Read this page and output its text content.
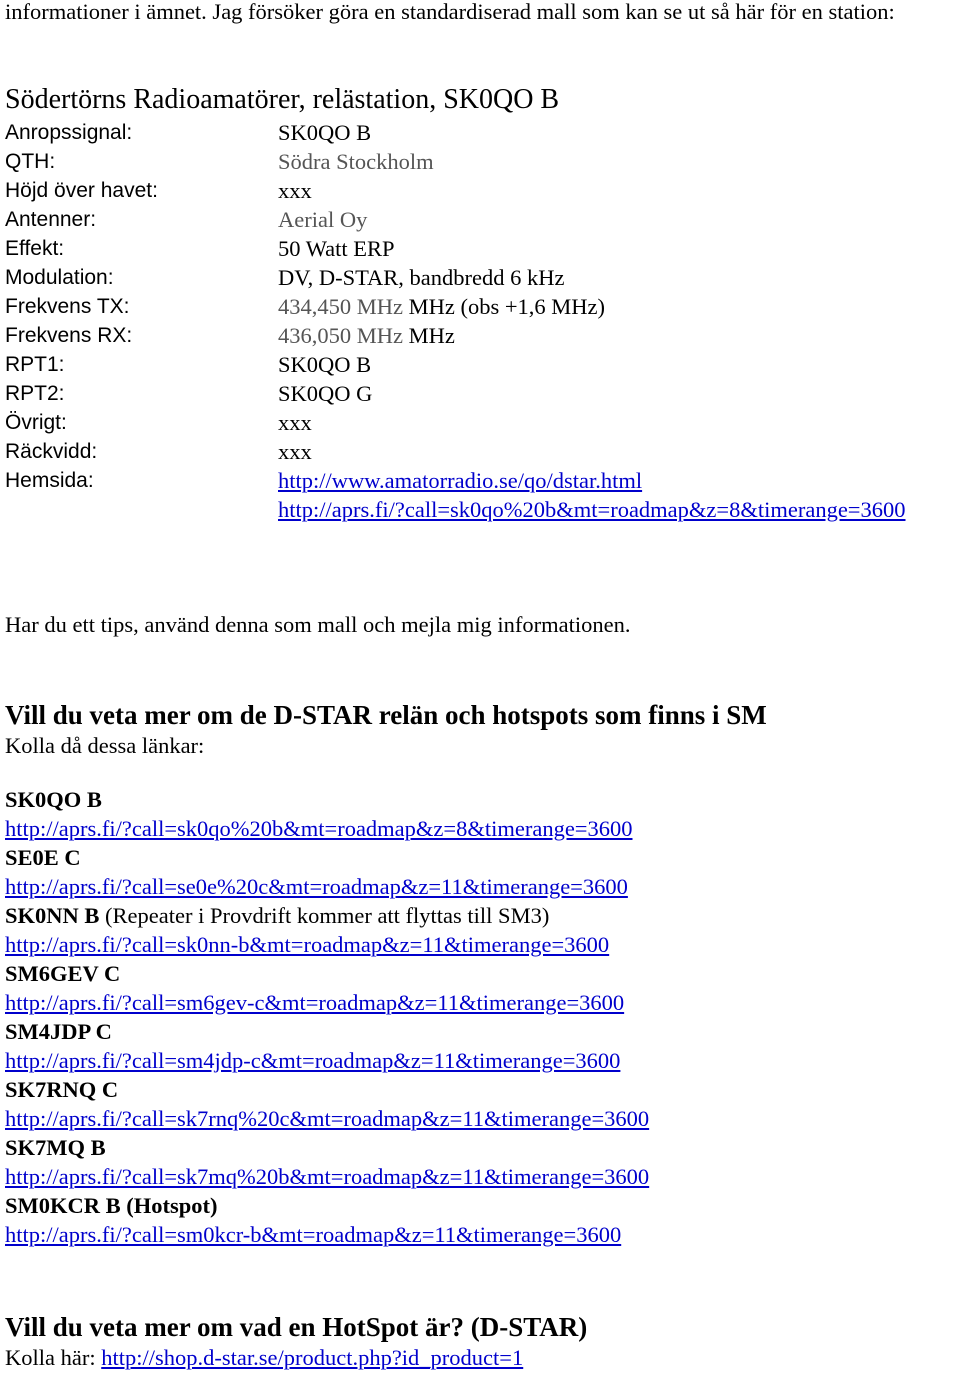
informationer i ämnet. Jag försöker göra en standardiserad mall som kan se ut så här för en station:

Södertörns Radioamatörer, relästation, SK0QO B
Anropssignal:	SK0QO B
QTH:	Södra Stockholm
Höjd över havet:	xxx
Antenner:	Aerial Oy
Effekt:	50 Watt ERP
Modulation:	DV, D-STAR, bandbredd 6 kHz
Frekvens TX:	434,450 MHz MHz (obs +1,6 MHz)
Frekvens RX:	436,050 MHz MHz
RPT1:	SK0QO B
RPT2:	SK0QO G
Övrigt:	xxx
Räckvidd:	xxx
Hemsida:	http://www.amatorradio.se/qo/dstar.html
http://aprs.fi/?call=sk0qo%20b&mt=roadmap&z=8&timerange=3600

Har du ett tips, använd denna som mall och mejla mig informationen.

Vill du veta mer om de D-STAR relän och hotspots som finns i SM

Kolla då dessa länkar:

SK0QO B
http://aprs.fi/?call=sk0qo%20b&mt=roadmap&z=8&timerange=3600
SE0E C
http://aprs.fi/?call=se0e%20c&mt=roadmap&z=11&timerange=3600
SK0NN B (Repeater i Provdrift kommer att flyttas till SM3)
http://aprs.fi/?call=sk0nn-b&mt=roadmap&z=11&timerange=3600
SM6GEV C
http://aprs.fi/?call=sm6gev-c&mt=roadmap&z=11&timerange=3600
SM4JDP C
http://aprs.fi/?call=sm4jdp-c&mt=roadmap&z=11&timerange=3600
SK7RNQ C
http://aprs.fi/?call=sk7rnq%20c&mt=roadmap&z=11&timerange=3600
SK7MQ B
http://aprs.fi/?call=sk7mq%20b&mt=roadmap&z=11&timerange=3600
SM0KCR B (Hotspot)
http://aprs.fi/?call=sm0kcr-b&mt=roadmap&z=11&timerange=3600

Vill du veta mer om vad en HotSpot är? (D-STAR)

Kolla här: http://shop.d-star.se/product.php?id_product=1
